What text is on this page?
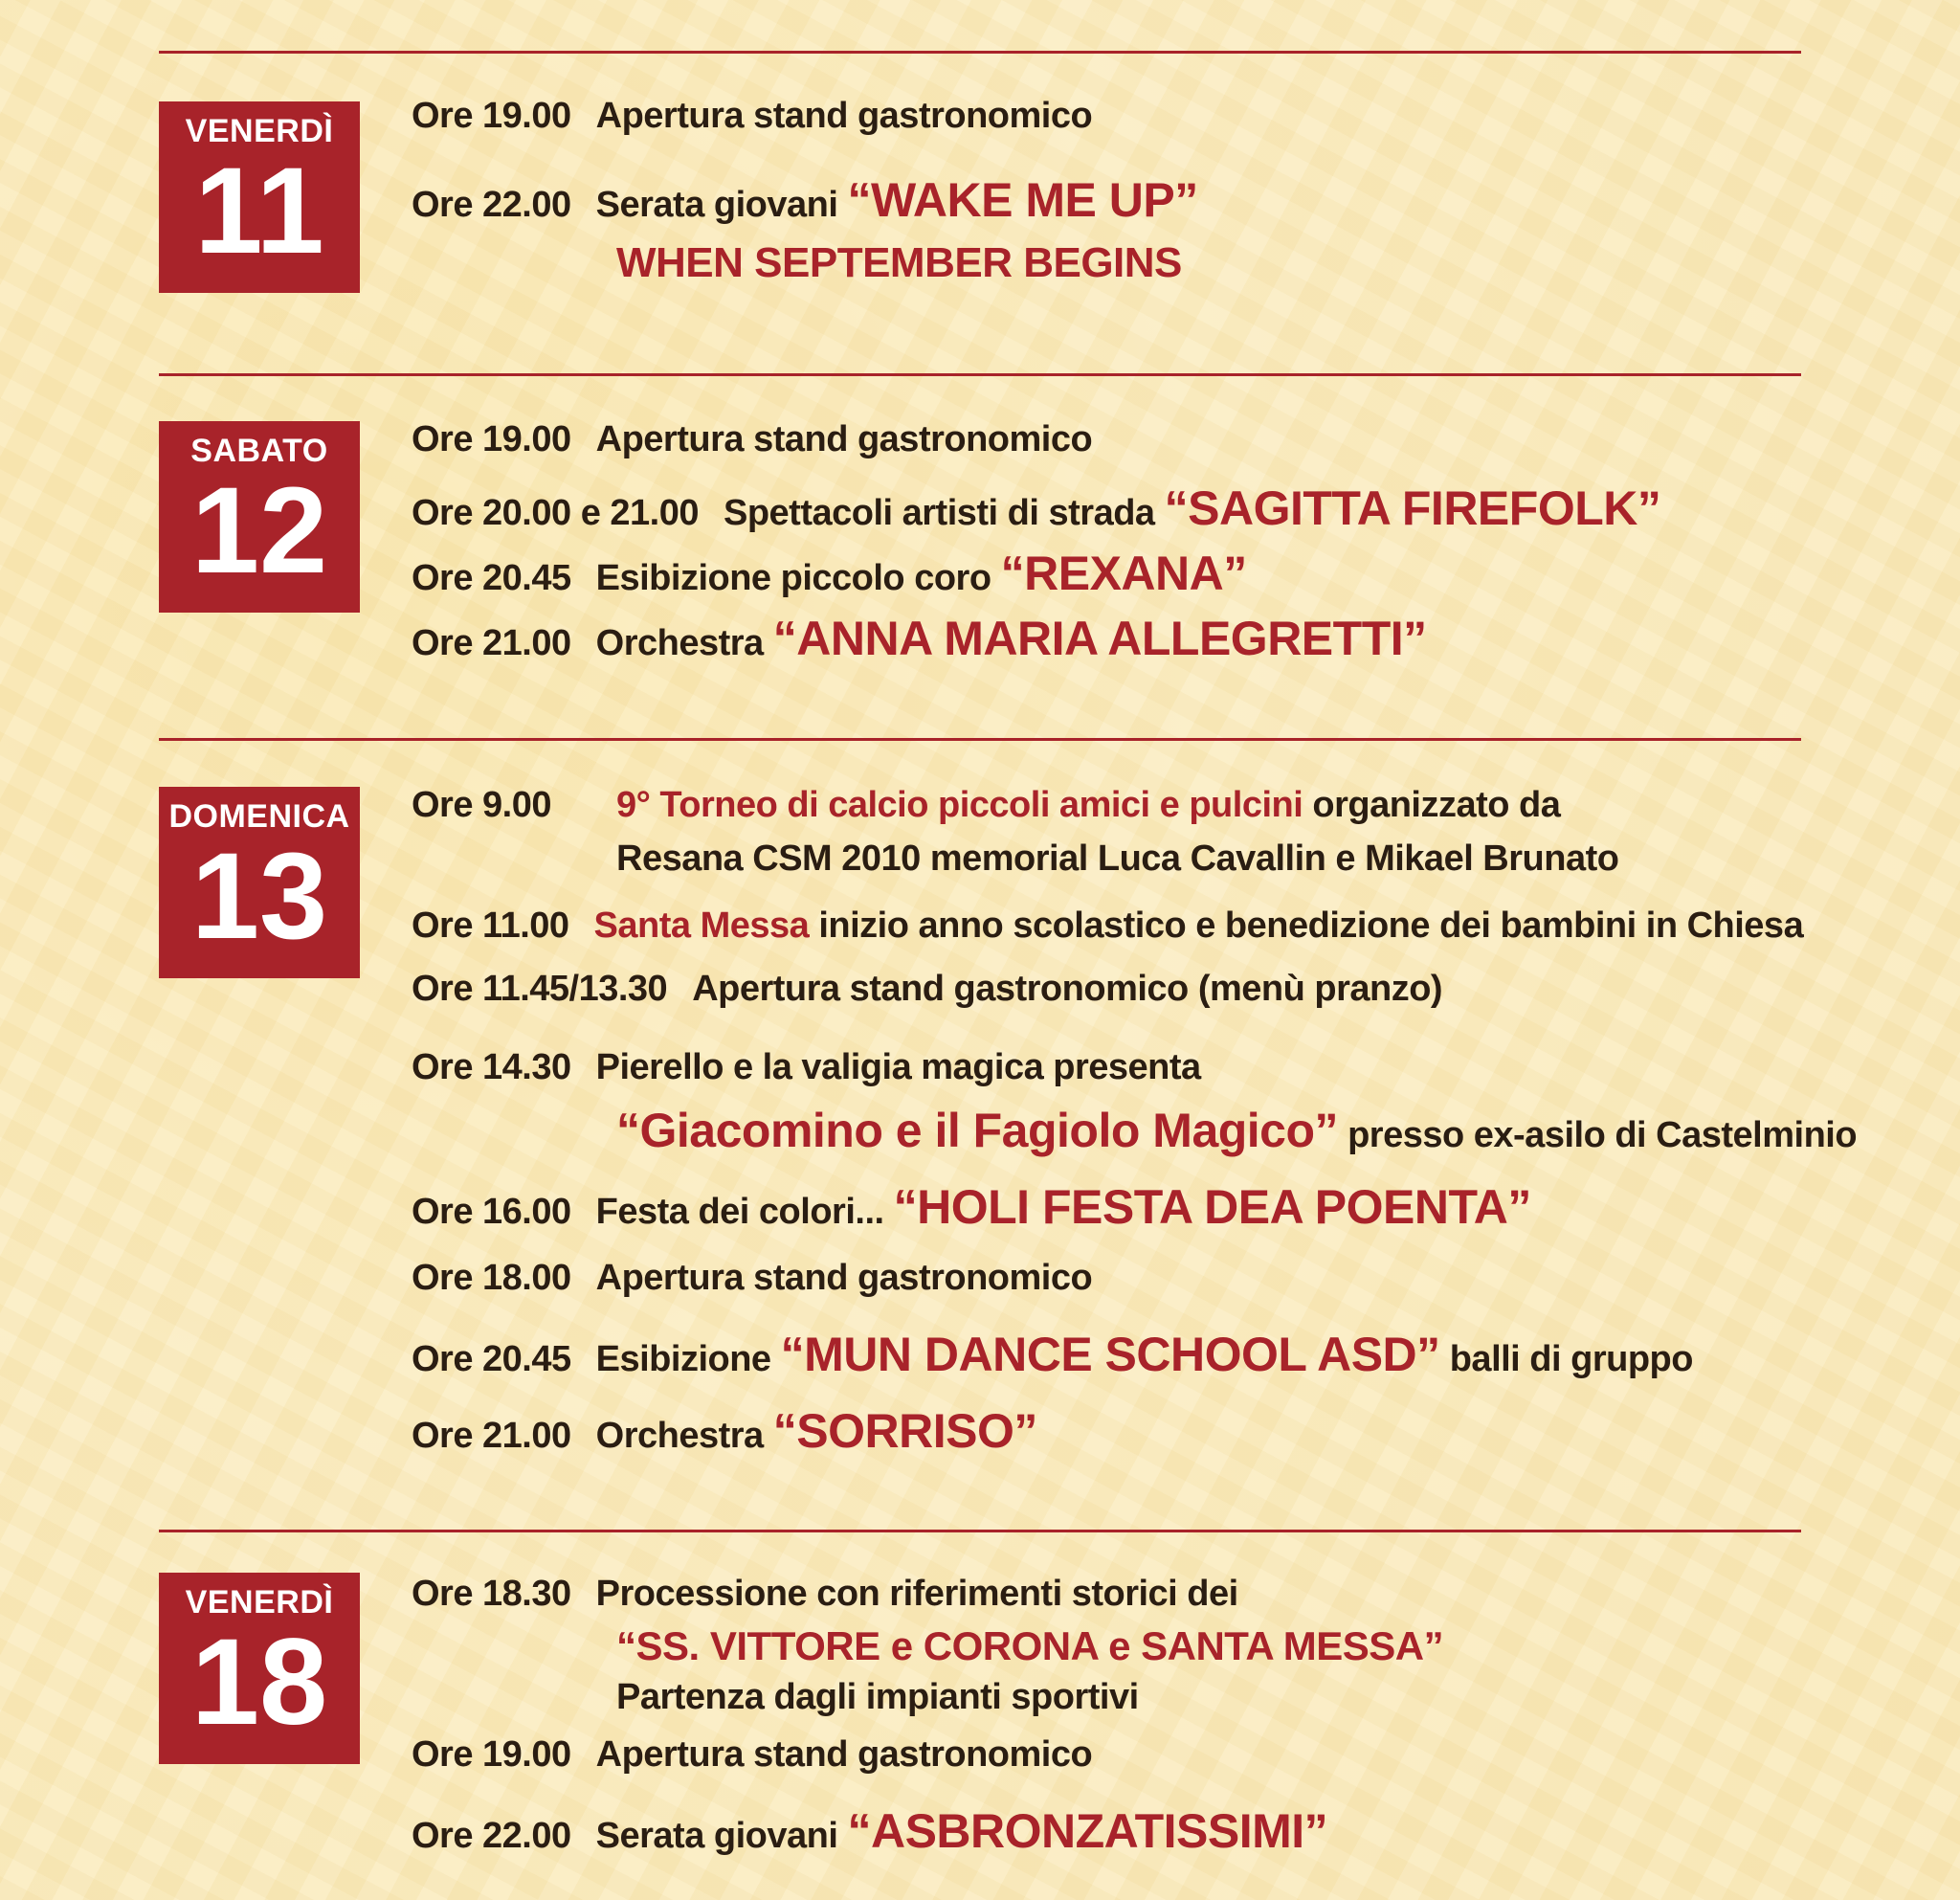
VENERDÌ
11
Ore 19.00 Apertura stand gastronomico
Ore 22.00 Serata giovani “WAKE ME UP”
WHEN SEPTEMBER BEGINS
SABATO
12
Ore 19.00 Apertura stand gastronomico
Ore 20.00 e 21.00 Spettacoli artisti di strada “SAGITTA FIREFOLK”
Ore 20.45 Esibizione piccolo coro “REXANA”
Ore 21.00 Orchestra “ANNA MARIA ALLEGRETTI”
DOMENICA
13
Ore 9.00 9° Torneo di calcio piccoli amici e pulcini organizzato da
Resana CSM 2010 memorial Luca Cavallin e Mikael Brunato
Ore 11.00 Santa Messa inizio anno scolastico e benedizione dei bambini in Chiesa
Ore 11.45/13.30 Apertura stand gastronomico (menù pranzo)
Ore 14.30 Pierello e la valigia magica presenta
“Giacomino e il Fagiolo Magico” presso ex-asilo di Castelminio
Ore 16.00 Festa dei colori... “HOLI FESTA DEA POENTA”
Ore 18.00 Apertura stand gastronomico
Ore 20.45 Esibizione “MUN DANCE SCHOOL ASD” balli di gruppo
Ore 21.00 Orchestra “SORRISO”
VENERDÌ
18
Ore 18.30 Processione con riferimenti storici dei
“SS. VITTORE e CORONA e SANTA MESSA”
Partenza dagli impianti sportivi
Ore 19.00 Apertura stand gastronomico
Ore 22.00 Serata giovani “ASBRONZATISSIMI”
